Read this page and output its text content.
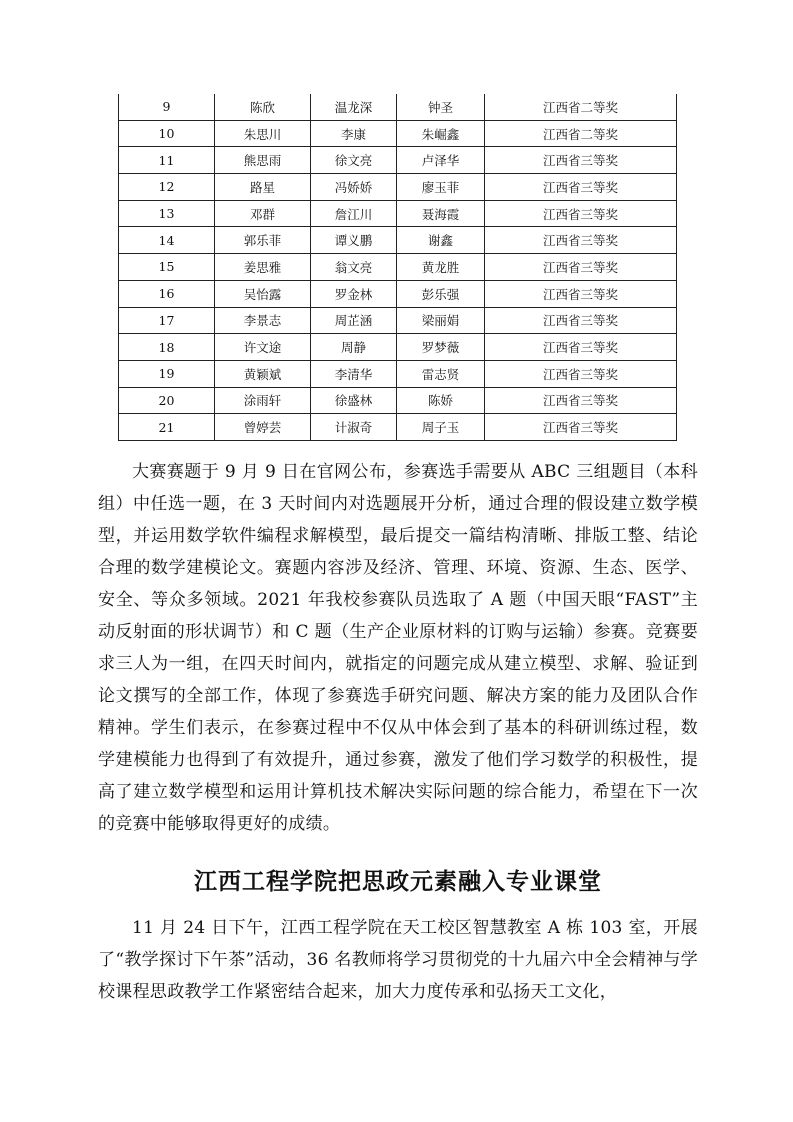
9	陈欣	温龙深	钟圣	江西省二等奖
10	朱思川	李康	朱崛鑫	江西省二等奖
11	熊思雨	徐文亮	卢泽华	江西省三等奖
12	路星	冯娇娇	廖玉菲	江西省三等奖
13	邓群	詹江川	聂海霞	江西省三等奖
14	郭乐菲	谭义鹏	谢鑫	江西省三等奖
15	姜思雅	翁文亮	黄龙胜	江西省三等奖
16	吴怡露	罗金林	彭乐强	江西省三等奖
17	李景志	周芷涵	梁丽娟	江西省三等奖
18	许文途	周静	罗梦薇	江西省三等奖
19	黄颖斌	李清华	雷志贤	江西省三等奖
20	涂雨轩	徐盛林	陈娇	江西省三等奖
21	曾婷芸	计淑奇	周子玉	江西省三等奖

大赛赛题于 9 月 9 日在官网公布，参赛选手需要从 ABC 三组题目（本科组）中任选一题，在 3 天时间内对选题展开分析，通过合理的假设建立数学模型，并运用数学软件编程求解模型，最后提交一篇结构清晰、排版工整、结论合理的数学建模论文。赛题内容涉及经济、管理、环境、资源、生态、医学、安全、等众多领域。2021 年我校参赛队员选取了 A 题（中国天眼“FAST”主动反射面的形状调节）和 C 题（生产企业原材料的订购与运输）参赛。竞赛要求三人为一组，在四天时间内，就指定的问题完成从建立模型、求解、验证到论文撰写的全部工作，体现了参赛选手研究问题、解决方案的能力及团队合作精神。学生们表示，在参赛过程中不仅从中体会到了基本的科研训练过程，数学建模能力也得到了有效提升，通过参赛，激发了他们学习数学的积极性，提高了建立数学模型和运用计算机技术解决实际问题的综合能力，希望在下一次的竞赛中能够取得更好的成绩。

江西工程学院把思政元素融入专业课堂

11 月 24 日下午，江西工程学院在天工校区智慧教室 A 栋 103 室，开展了“教学探讨下午茶”活动，36 名教师将学习贯彻党的十九届六中全会精神与学校课程思政教学工作紧密结合起来，加大力度传承和弘扬天工文化，
